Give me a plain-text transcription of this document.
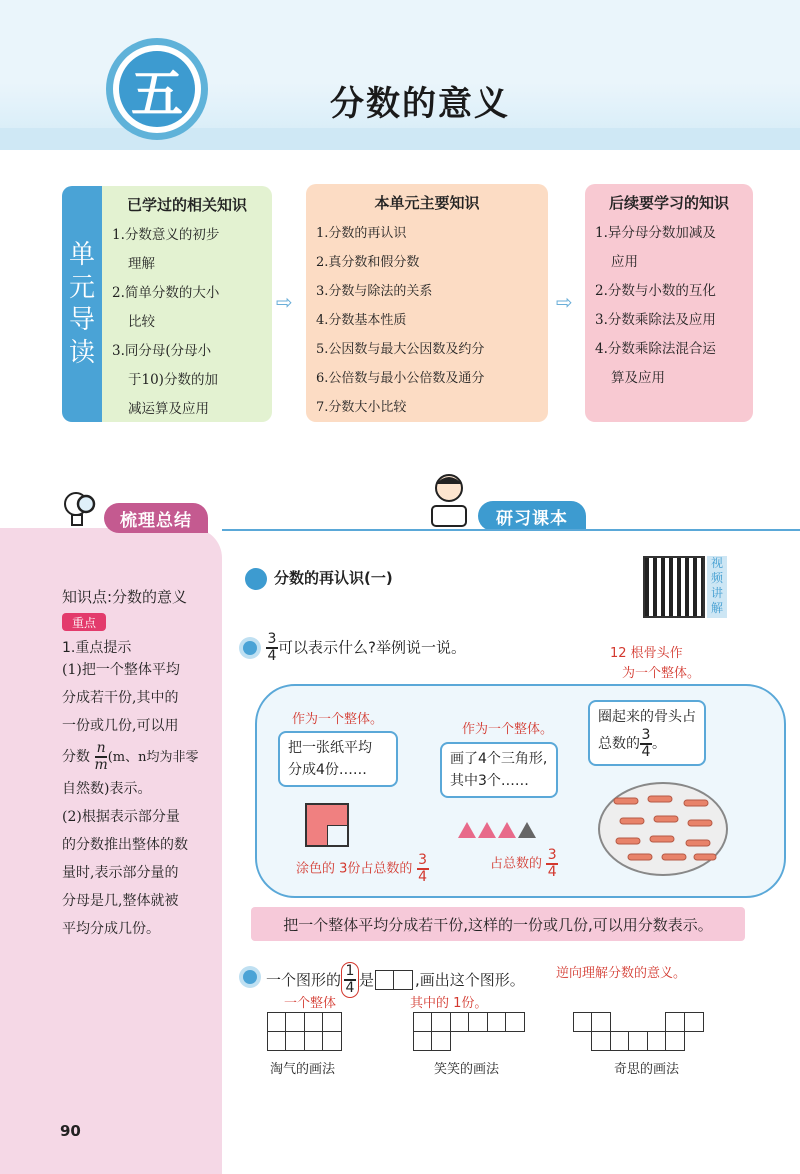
五	分数的意义
单
元
导
读
已学过的相关知识
1.分数意义的初步
理解
2.简单分数的大小
比较
3.同分母(分母小
于10)分数的加
减运算及应用
⇨
本单元主要知识
1.分数的再认识
2.真分数和假分数
3.分数与除法的关系
4.分数基本性质
5.公因数与最大公因数及约分
6.公倍数与最小公倍数及通分
7.分数大小比较
⇨
后续要学习的知识
1.异分母分数加减及
应用
2.分数与小数的互化
3.分数乘除法及应用
4.分数乘除法混合运
算及应用
梳理总结
知识点:分数的意义
重点
1.重点提示
(1)把一个整体平均
分成若干份,其中的
一份或几份,可以用
分数 $\frac{n}{m} (m$、n均为非零
自然数)表示。
(2)根据表示部分量
的分数推出整体的数
量时,表示部分量的
分母是几,整体就被
平均分成几份。
90
研习课本
分数的再认识(一)
视频讲解
$\frac{3}{4}$ 可以表示什么?举例说一说。	12 根骨头作
为一个整体。
作为一个整体。
把一张纸平均
分成4份……
涂色的 3份占总数的 $\frac{3}{4}$
作为一个整体。
画了4个三角形,
其中3个……
占总数的 $\frac{3}{4}$
圈起来的骨头占
总数的 $\frac{3}{4}$ 。
把一个整体平均分成若干份,这样的一份或几份,可以用分数表示。
一个图形的 $\frac{1}{4}$ 是	,画出这个图形。 逆向理解分数的意义。
一个整体	其中的 1份。
淘气的画法	笑笑的画法	奇思的画法
